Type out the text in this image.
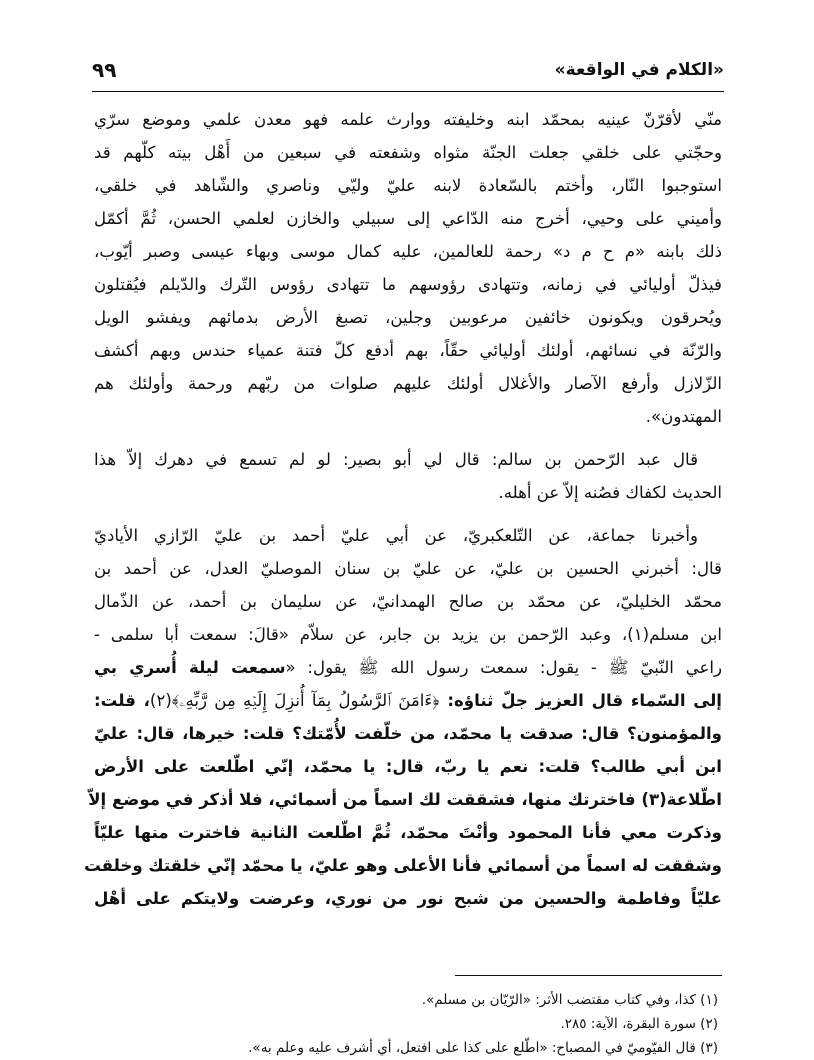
«الكلام في الواقعة»
٩٩
منّي لأقرّنّ عينيه بمحمّد ابنه وخليفته ووارث علمه فهو معدن علمي وموضع سرّي
وحجّتي على خلقي جعلت الجنّة مثواه وشفعته في سبعين من أَهْل بيته كلّهم قد
استوجبوا النّار، وأختم بالسّعادة لابنه عليّ وليّي وناصري والشّاهد في خلقي،
وأميني على وحيي، أخرج منه الدّاعي إلى سبيلي والخازن لعلمي الحسن، ثُمَّ أكمّل
ذلك بابنه «م ح م د» رحمة للعالمين، عليه كمال موسى وبهاء عيسى وصبر أيّوب،
فيذلّ أوليائي في زمانه، وتتهادى رؤوسهم ما تتهادى رؤوس التّرك والدّيلم فيُقتلون
ويُحرقون ويكونون خائفين مرعوبين وجلين، تصبغ الأرض بدمائهم ويفشو الويل
والرّنّة في نسائهم، أولئك أوليائي حقّاً، بهم أدفع كلّ فتنة عمياء حندس وبهم أكشف
الزّلازل وأرفع الآصار والأغلال أولئك عليهم صلوات من ربّهم ورحمة وأولئك هم
المهتدون».
قال عبد الرّحمن بن سالم: قال لي أبو بصير: لو لم تسمع في دهرك إلاّ هذا
الحديث لكفاك فصُنه إلاّ عن أهله.
وأخبرنا جماعة، عن التّلعكبريّ، عن أبي عليّ أحمد بن عليّ الرّازي الأياديّ
قال: أخبرني الحسين بن عليّ، عن عليّ بن سنان الموصليّ العدل، عن أحمد بن
محمّد الخليليّ، عن محمّد بن صالح الهمدانيّ، عن سليمان بن أحمد، عن الذّمال
ابن مسلم(١)، وعبد الرّحمن بن يزيد بن جابر، عن سلاّم «قالَ: سمعت أبا سلمى -
راعي النّبيّ ﷺ - يقول: سمعت رسول الله ﷺ يقول: «سمعت ليلة أُسري بي
إلى السّماء قال العزيز جلّ ثناؤه: ﴿ءَامَنَ ٱلرَّسُولُ بِمَآ أُنزِلَ إِلَيۡهِ مِن رَّبِّهِۦ﴾(٢)، قلت:
والمؤمنون؟ قال: صدقت يا محمّد، من خلّفت لأُمّتك؟ قلت: خيرها، قال: عليّ
ابن أبي طالب؟ قلت: نعم يا ربّ، قال: يا محمّد، إنّي اطّلعت على الأرض
اطّلاعة(٣) فاخترتك منها، فشققت لك اسماً من أسمائي، فلا أذكر في موضع إلاّ
وذكرت معي فأنا المحمود وأنْتَ محمّد، ثُمَّ اطّلعت الثانية فاخترت منها عليّاً
وشققت له اسماً من أسمائي فأنا الأعلى وهو عليّ، يا محمّد إنّي خلقتك وخلقت
عليّاً وفاطمة والحسين من شبح نور من نوري، وعرضت ولايتكم على أهْل
(١) كذا، وفي كتاب مقتضب الأثر: «الرّيّان بن مسلم».
(٢) سورة البقرة، الآية: ٢٨٥.
(٣) قال الفيّوميّ في المصباح: «اطّلع على كذا على افتعل، أي أشرف عليه وعلم به».
